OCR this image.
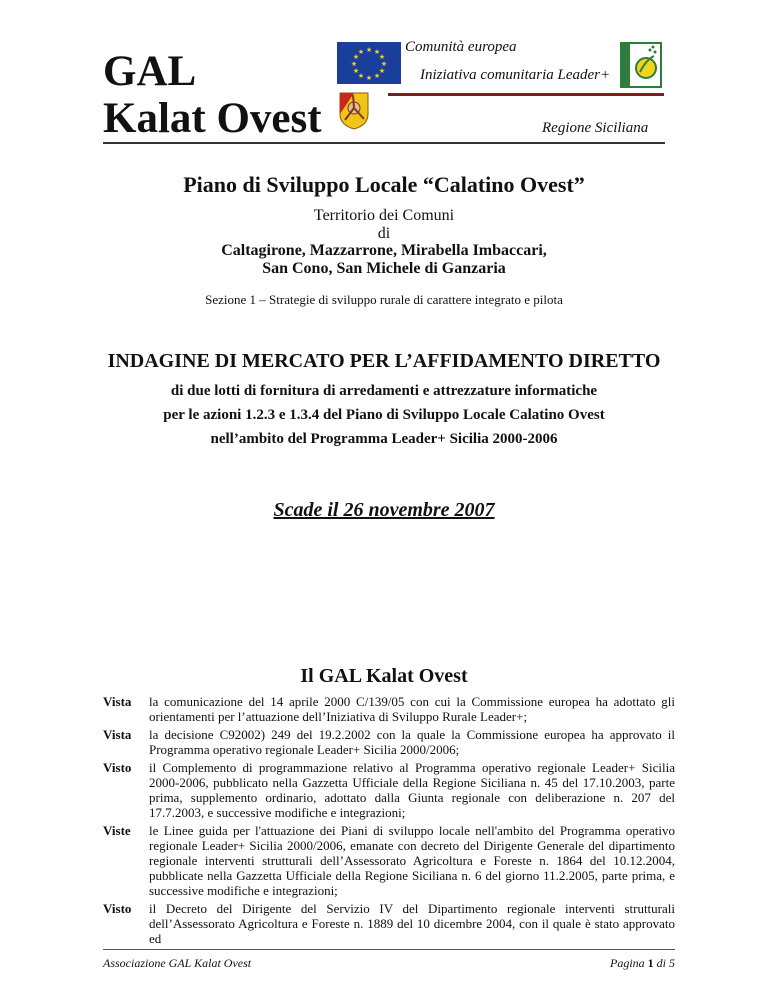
GAL
Kalat Ovest
★ ★
★
★
★
★
★
★
★
★
★
★	Comunità europea
Iniziativa comunitaria Leader+
Regione Siciliana
Piano di Sviluppo Locale “Calatino Ovest”
Territorio dei Comuni
di
Caltagirone, Mazzarrone, Mirabella Imbaccari,
San Cono, San Michele di Ganzaria
Sezione 1 – Strategie di sviluppo rurale di carattere integrato e pilota
INDAGINE DI MERCATO PER L’AFFIDAMENTO DIRETTO
di due lotti di fornitura di arredamenti e attrezzature informatiche
per le azioni 1.2.3 e 1.3.4 del Piano di Sviluppo Locale Calatino Ovest
nell’ambito del Programma Leader+ Sicilia 2000-2006
Scade il 26 novembre 2007
Il GAL Kalat Ovest
Vista	la comunicazione del 14 aprile 2000 C/139/05 con cui la Commissione europea ha adottato gli orientamenti per l’attuazione dell’Iniziativa di Sviluppo Rurale Leader+;
Vista	la decisione C92002) 249 del 19.2.2002 con la quale la Commissione europea ha approvato il Programma operativo regionale Leader+ Sicilia 2000/2006;
Visto	il Complemento di programmazione relativo al Programma operativo regionale Leader+ Sicilia 2000-2006, pubblicato nella Gazzetta Ufficiale della Regione Siciliana n. 45 del 17.10.2003, parte prima, supplemento ordinario, adottato dalla Giunta regionale con deliberazione n. 207 del 17.7.2003, e successive modifiche e integrazioni;
Viste	le Linee guida per l'attuazione dei Piani di sviluppo locale nell'ambito del Programma operativo regionale Leader+ Sicilia 2000/2006, emanate con decreto del Dirigente Generale del dipartimento regionale interventi strutturali dell’Assessorato Agricoltura e Foreste n. 1864 del 10.12.2004, pubblicate nella Gazzetta Ufficiale della Regione Siciliana n. 6 del giorno 11.2.2005, parte prima, e successive modifiche e integrazioni;
Visto	il Decreto del Dirigente del Servizio IV del Dipartimento regionale interventi strutturali dell’Assessorato Agricoltura e Foreste n. 1889 del 10 dicembre 2004, con il quale è stato approvato ed
Associazione GAL Kalat Ovest	Pagina 1 di 5
